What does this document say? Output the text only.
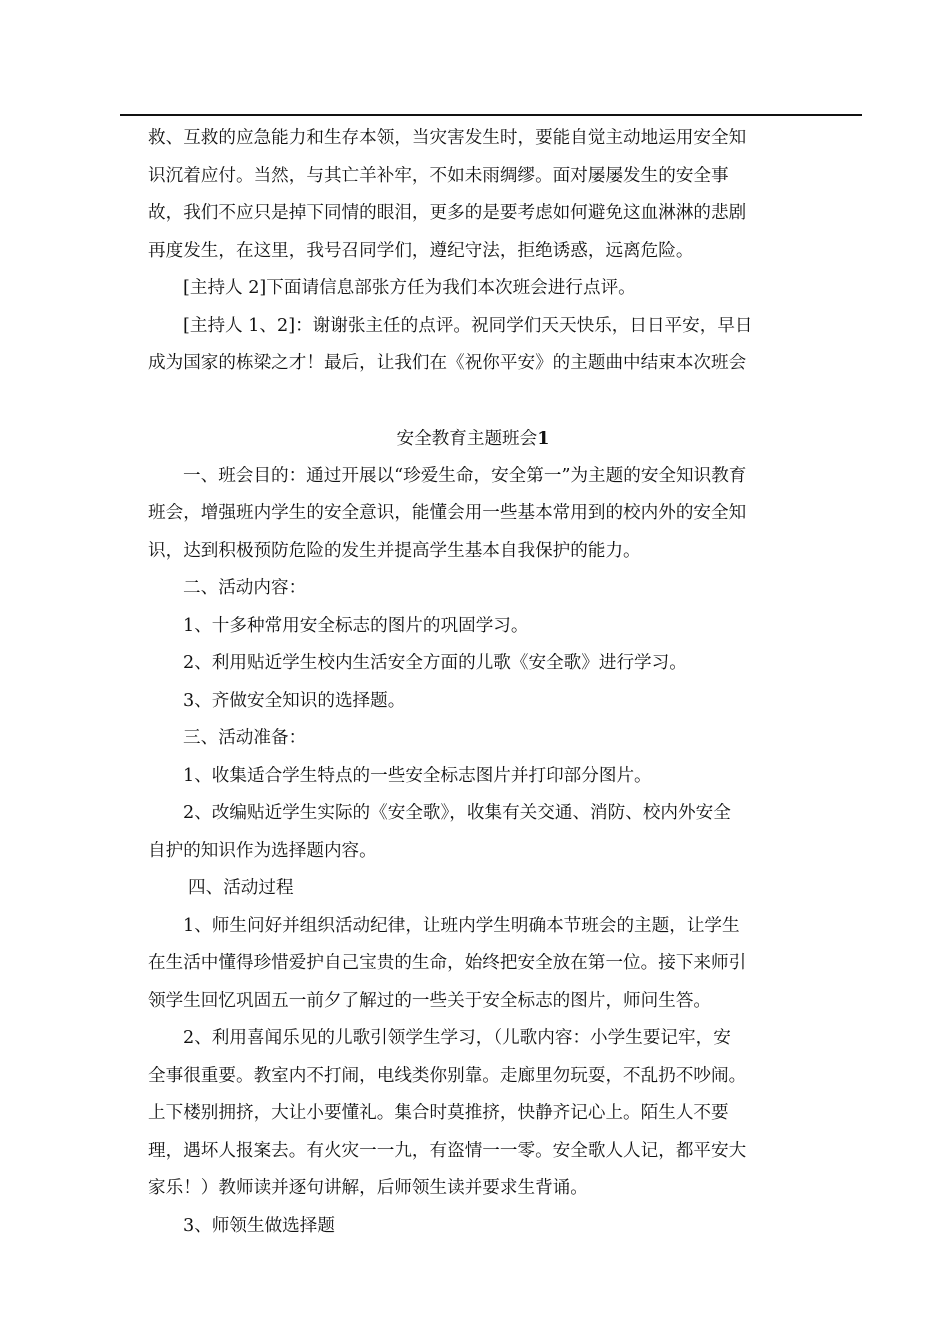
救、互救的应急能力和生存本领，当灾害发生时，要能自觉主动地运用安全知
识沉着应付。当然，与其亡羊补牢，不如未雨绸缪。面对屡屡发生的安全事
故，我们不应只是掉下同情的眼泪，更多的是要考虑如何避免这血淋淋的悲剧
再度发生，在这里，我号召同学们，遵纪守法，拒绝诱惑，远离危险。
[主持人 2]下面请信息部张方任为我们本次班会进行点评。
[主持人 1、2]：谢谢张主任的点评。祝同学们天天快乐，日日平安，早日
成为国家的栋梁之才！最后，让我们在《祝你平安》的主题曲中结束本次班会
安全教育主题班会1
一、班会目的：通过开展以“珍爱生命，安全第一”为主题的安全知识教育
班会，增强班内学生的安全意识，能懂会用一些基本常用到的校内外的安全知
识，达到积极预防危险的发生并提高学生基本自我保护的能力。
二、活动内容：
1、十多种常用安全标志的图片的巩固学习。
2、利用贴近学生校内生活安全方面的儿歌《安全歌》进行学习。
3、齐做安全知识的选择题。
三、活动准备：
1、收集适合学生特点的一些安全标志图片并打印部分图片。
2、改编贴近学生实际的《安全歌》，收集有关交通、消防、校内外安全
自护的知识作为选择题内容。
四、活动过程
1、师生问好并组织活动纪律，让班内学生明确本节班会的主题，让学生
在生活中懂得珍惜爱护自己宝贵的生命，始终把安全放在第一位。接下来师引
领学生回忆巩固五一前夕了解过的一些关于安全标志的图片，师问生答。
2、利用喜闻乐见的儿歌引领学生学习，（儿歌内容：小学生要记牢，安
全事很重要。教室内不打闹，电线类你别靠。走廊里勿玩耍，不乱扔不吵闹。
上下楼别拥挤，大让小要懂礼。集合时莫推挤，快静齐记心上。陌生人不要
理，遇坏人报案去。有火灾一一九，有盗情一一零。安全歌人人记，都平安大
家乐！）教师读并逐句讲解，后师领生读并要求生背诵。
3、师领生做选择题
